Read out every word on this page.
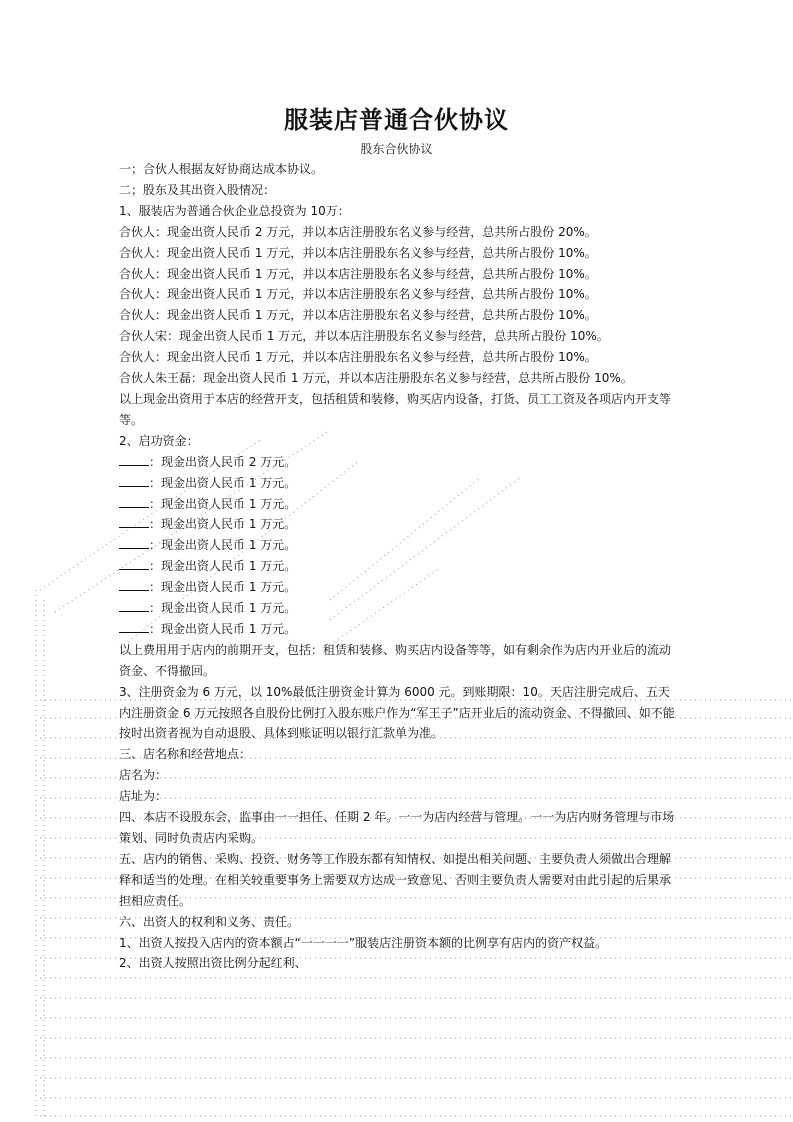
服装店普通合伙协议

股东合伙协议

一；合伙人根据友好协商达成本协议。

二；股东及其出资入股情况：

1、服装店为普通合伙企业总投资为 10万：

合伙人：现金出资人民币 2 万元，并以本店注册股东名义参与经营，总共所占股份 20%。

合伙人：现金出资人民币 1 万元，并以本店注册股东名义参与经营，总共所占股份 10%。

合伙人：现金出资人民币 1 万元，并以本店注册股东名义参与经营，总共所占股份 10%。

合伙人：现金出资人民币 1 万元，并以本店注册股东名义参与经营，总共所占股份 10%。

合伙人：现金出资人民币 1 万元，并以本店注册股东名义参与经营，总共所占股份 10%。

合伙人宋：现金出资人民币 1 万元，并以本店注册股东名义参与经营，总共所占股份 10%。

合伙人：现金出资人民币 1 万元，并以本店注册股东名义参与经营，总共所占股份 10%。

合伙人朱王磊：现金出资人民币 1 万元，并以本店注册股东名义参与经营，总共所占股份 10%。

以上现金出资用于本店的经营开支，包括租赁和装修，购买店内设备，打货、员工工资及各项店内开支等等。

2、启功资金：

：现金出资人民币 2 万元。

：现金出资人民币 1 万元。

：现金出资人民币 1 万元。

：现金出资人民币 1 万元。

：现金出资人民币 1 万元。

：现金出资人民币 1 万元。

：现金出资人民币 1 万元。

：现金出资人民币 1 万元。

：现金出资人民币 1 万元。

以上费用用于店内的前期开支，包括：租赁和装修、购买店内设备等等，如有剩余作为店内开业后的流动资金、不得撤回。

3、注册资金为 6 万元，以 10%最低注册资金计算为 6000 元。到账期限：10。天店注册完成后、五天内注册资金 6 万元按照各自股份比例打入股东账户作为“军王子”店开业后的流动资金、不得撤回、如不能按时出资者视为自动退股、具体到账证明以银行汇款单为准。

三、店名称和经营地点：

店名为：

店址为：

四、本店不设股东会，监事由一一担任、任期 2 年。一一为店内经营与管理。一一为店内财务管理与市场策划、同时负责店内采购。

五、店内的销售、采购、投资、财务等工作股东都有知情权、如提出相关问题、主要负责人须做出合理解释和适当的处理。在相关较重要事务上需要双方达成一致意见、否则主要负责人需要对由此引起的后果承担相应责任。

六、出资人的权利和义务、责任。

1、出资人按投入店内的资本额占“一一一一”服装店注册资本额的比例享有店内的资产权益。

2、出资人按照出资比例分起红利、
